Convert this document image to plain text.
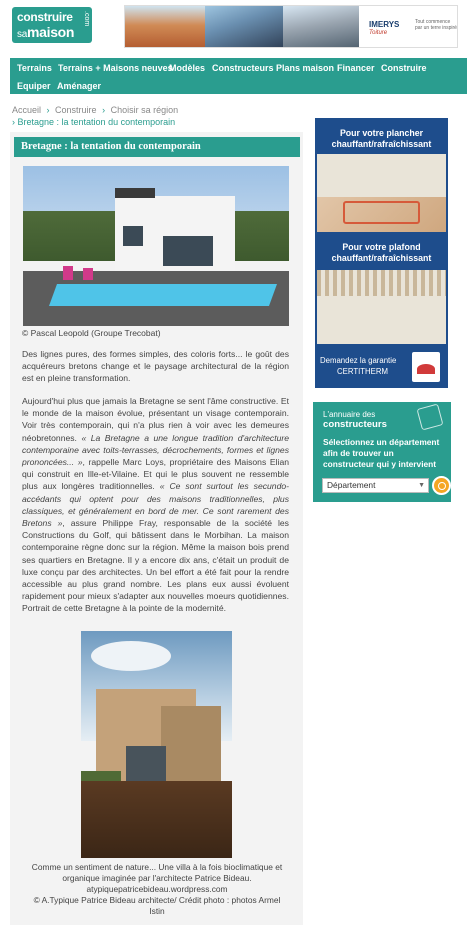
construire
samaison
.com	IMERYS
Toiture
Tout commence par un terre inspiré
Terrains Terrains + Maisons neuves
Modèles Constructeurs Plans maison Financer Construire
Equiper Aménager
Accueil › Construire › Choisir sa région
› Bretagne : la tentation du contemporain
Bretagne : la tentation du contemporain
© Pascal Leopold (Groupe Trecobat)

Des lignes pures, des formes simples, des coloris forts... le goût des acquéreurs bretons change et le paysage architectural de la région est en pleine transformation.

Aujourd'hui plus que jamais la Bretagne se sent l'âme constructive. Et le monde de la maison évolue, présentant un visage contemporain. Voir très contemporain, qui n'a plus rien à voir avec les demeures néobretonnes. « La Bretagne a une longue tradition d'architecture contemporaine avec toits-terrasses, décrochements, formes et lignes prononcées... », rappelle Marc Loys, propriétaire des Maisons Elian qui construit en Ille-et-Vilaine. Et qui le plus souvent ne ressemble plus aux longères traditionnelles. « Ce sont surtout les secundo-accédants qui optent pour des maisons traditionnelles, plus classiques, et généralement en bord de mer. Ce sont rarement des Bretons », assure Philippe Fray, responsable de la société les Constructions du Golf, qui bâtissent dans le Morbihan. La maison contemporaine règne donc sur la région. Même la maison bois prend ses quartiers en Bretagne. Il y a encore dix ans, c'était un produit de luxe conçu par des architectes. Un bel effort a été fait pour la rendre accessible au plus grand nombre. Les plans eux aussi évoluent rapidement pour mieux s'adapter aux nouvelles moeurs quotidiennes. Portrait de cette Bretagne à la pointe de la modernité.

Comme un sentiment de nature... Une villa à la fois bioclimatique et
organique imaginée par l'architecte Patrice Bideau.
atypiquepatricebideau.wordpress.com
© A.Typique Patrice Bideau architecte/ Crédit photo : photos Armel
Istin
Pour votre plancher chauffant/rafraîchissant
Pour votre plafond chauffant/rafraîchissant
Demandez la garantie
CERTITHERM
L'annuaire des
constructeurs
Sélectionnez un département afin de trouver un constructeur qui y intervient
Département	▼
